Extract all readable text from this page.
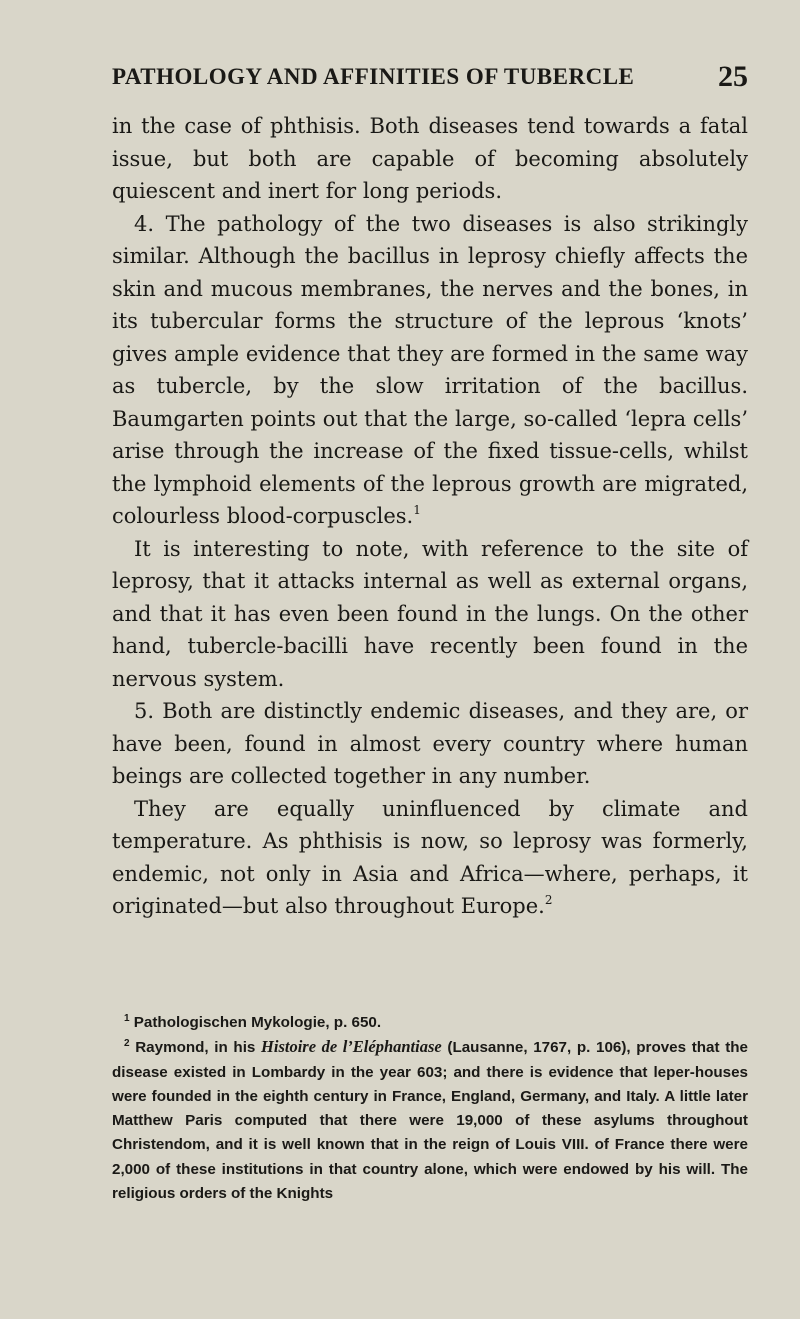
PATHOLOGY AND AFFINITIES OF TUBERCLE	25

in the case of phthisis. Both diseases tend towards a fatal issue, but both are capable of becoming absolutely quiescent and inert for long periods.

4. The pathology of the two diseases is also strikingly similar. Although the bacillus in leprosy chiefly affects the skin and mucous membranes, the nerves and the bones, in its tubercular forms the structure of the leprous ‘knots’ gives ample evidence that they are formed in the same way as tubercle, by the slow irritation of the bacillus. Baumgarten points out that the large, so-called ‘lepra cells’ arise through the increase of the fixed tissue-cells, whilst the lymphoid elements of the leprous growth are migrated, colourless blood-corpuscles.$^1$

It is interesting to note, with reference to the site of leprosy, that it attacks internal as well as external organs, and that it has even been found in the lungs. On the other hand, tubercle-bacilli have recently been found in the nervous system.

5. Both are distinctly endemic diseases, and they are, or have been, found in almost every country where human beings are collected together in any number.

They are equally uninfluenced by climate and temperature. As phthisis is now, so leprosy was formerly, endemic, not only in Asia and Africa—where, perhaps, it originated—but also throughout Europe.$^2$

$^1$ Pathologischen Mykologie, p. 650.

$^2$ Raymond, in his Histoire de l’Eléphantiase (Lausanne, 1767, p. 106), proves that the disease existed in Lombardy in the year 603; and there is evidence that leper-houses were founded in the eighth century in France, England, Germany, and Italy. A little later Matthew Paris computed that there were 19,000 of these asylums throughout Christendom, and it is well known that in the reign of Louis VIII. of France there were 2,000 of these institutions in that country alone, which were endowed by his will. The religious orders of the Knights
